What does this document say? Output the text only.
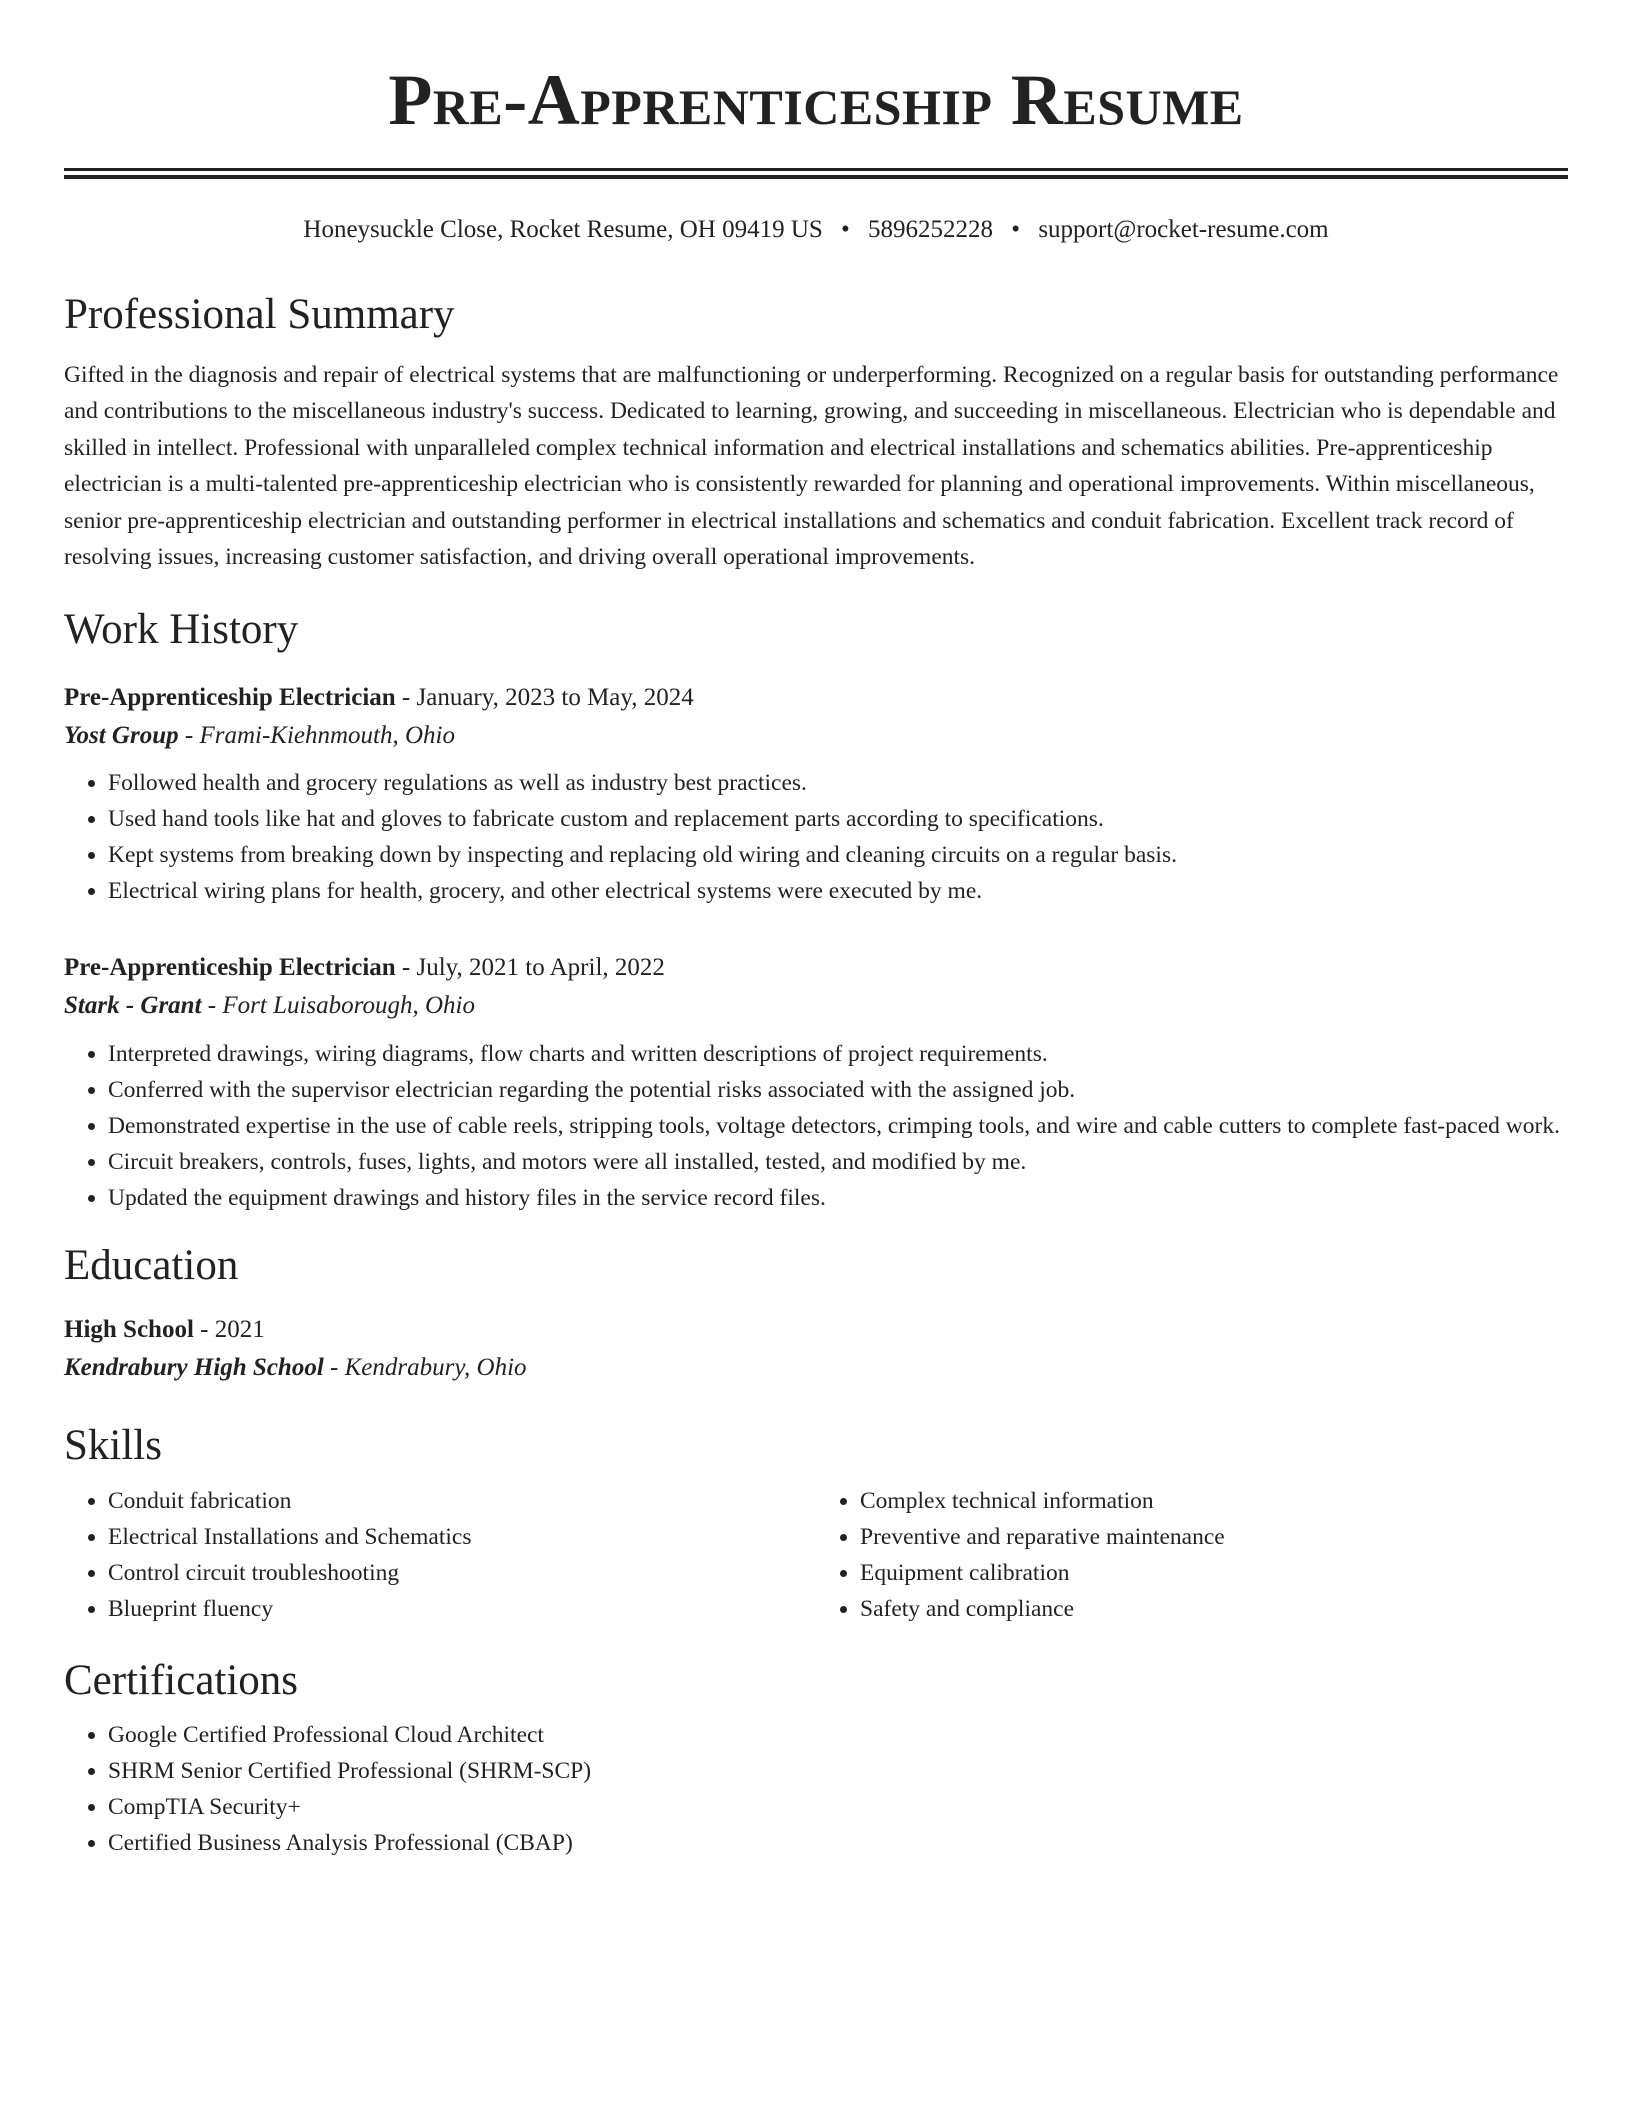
Pre-Apprenticeship Resume
Honeysuckle Close, Rocket Resume, OH 09419 US • 5896252228 • support@rocket-resume.com
Professional Summary
Gifted in the diagnosis and repair of electrical systems that are malfunctioning or underperforming. Recognized on a regular basis for outstanding performance and contributions to the miscellaneous industry's success. Dedicated to learning, growing, and succeeding in miscellaneous. Electrician who is dependable and skilled in intellect. Professional with unparalleled complex technical information and electrical installations and schematics abilities. Pre-apprenticeship electrician is a multi-talented pre-apprenticeship electrician who is consistently rewarded for planning and operational improvements. Within miscellaneous, senior pre-apprenticeship electrician and outstanding performer in electrical installations and schematics and conduit fabrication. Excellent track record of resolving issues, increasing customer satisfaction, and driving overall operational improvements.
Work History
Pre-Apprenticeship Electrician - January, 2023 to May, 2024
Yost Group - Frami-Kiehnmouth, Ohio
• Followed health and grocery regulations as well as industry best practices.
• Used hand tools like hat and gloves to fabricate custom and replacement parts according to specifications.
• Kept systems from breaking down by inspecting and replacing old wiring and cleaning circuits on a regular basis.
• Electrical wiring plans for health, grocery, and other electrical systems were executed by me.
Pre-Apprenticeship Electrician - July, 2021 to April, 2022
Stark - Grant - Fort Luisaborough, Ohio
• Interpreted drawings, wiring diagrams, flow charts and written descriptions of project requirements.
• Conferred with the supervisor electrician regarding the potential risks associated with the assigned job.
• Demonstrated expertise in the use of cable reels, stripping tools, voltage detectors, crimping tools, and wire and cable cutters to complete fast-paced work.
• Circuit breakers, controls, fuses, lights, and motors were all installed, tested, and modified by me.
• Updated the equipment drawings and history files in the service record files.
Education
High School - 2021
Kendrabury High School - Kendrabury, Ohio
Skills
• Conduit fabrication
• Electrical Installations and Schematics
• Control circuit troubleshooting
• Blueprint fluency
• Complex technical information
• Preventive and reparative maintenance
• Equipment calibration
• Safety and compliance
Certifications
• Google Certified Professional Cloud Architect
• SHRM Senior Certified Professional (SHRM-SCP)
• CompTIA Security+
• Certified Business Analysis Professional (CBAP)
